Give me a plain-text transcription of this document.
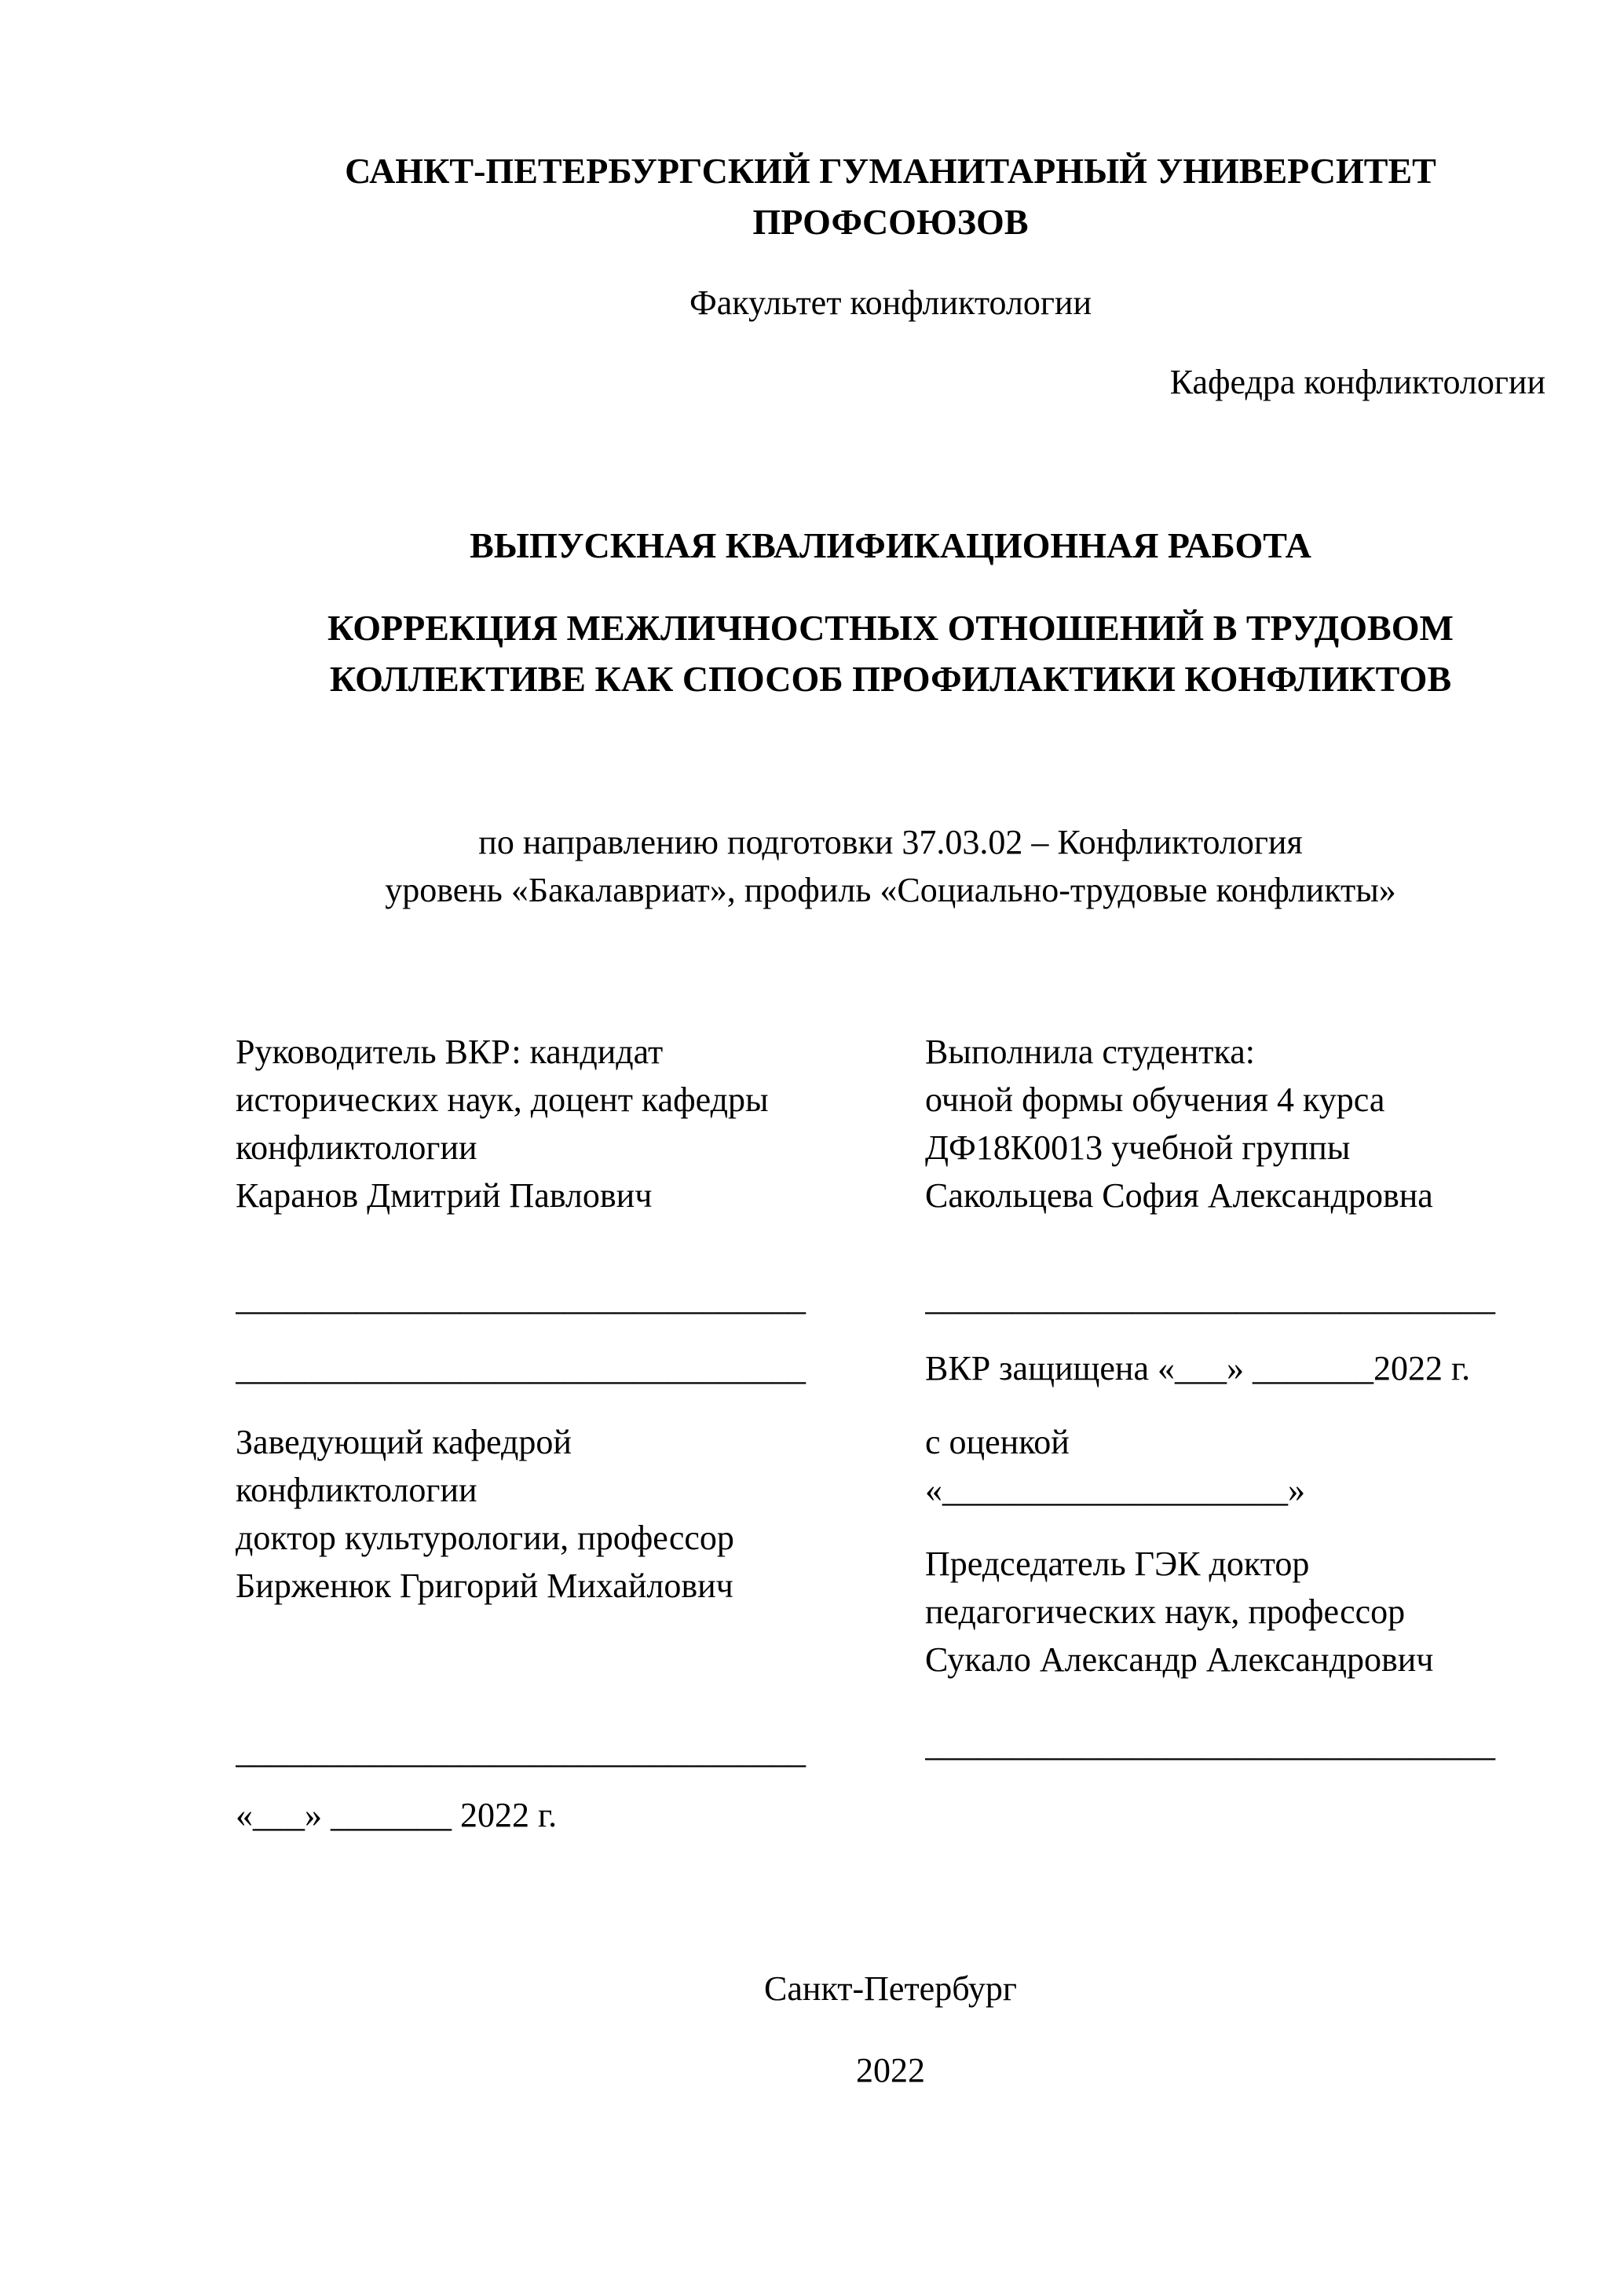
САНКТ-ПЕТЕРБУРГСКИЙ ГУМАНИТАРНЫЙ УНИВЕРСИТЕТ
ПРОФСОЮЗОВ
Факультет конфликтологии
Кафедра конфликтологии
ВЫПУСКНАЯ КВАЛИФИКАЦИОННАЯ РАБОТА
КОРРЕКЦИЯ МЕЖЛИЧНОСТНЫХ ОТНОШЕНИЙ В ТРУДОВОМ
КОЛЛЕКТИВЕ КАК СПОСОБ ПРОФИЛАКТИКИ КОНФЛИКТОВ
по направлению подготовки 37.03.02 – Конфликтология
уровень «Бакалавриат», профиль «Социально-трудовые конфликты»
Руководитель ВКР: кандидат
исторических наук, доцент кафедры
конфликтологии
Каранов Дмитрий Павлович
_________________________________
_________________________________
Заведующий кафедрой
конфликтологии
доктор культурологии, профессор
Бирженюк Григорий Михайлович
_________________________________
«___» _______ 2022 г.
Выполнила студентка:
очной формы обучения 4 курса
ДФ18К0013 учебной группы
Сакольцева София Александровна
_________________________________
ВКР защищена «___» _______2022 г.
с оценкой
«____________________»
Председатель ГЭК доктор
педагогических наук, профессор
Сукало Александр Александрович
_________________________________
Санкт-Петербург
2022
